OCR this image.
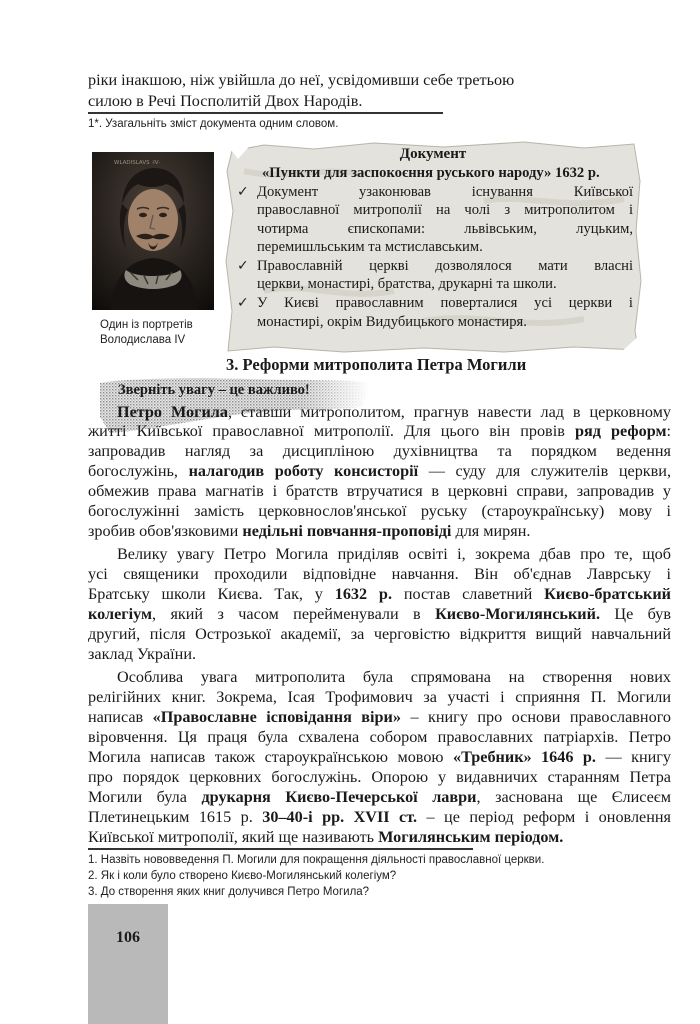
ріки інакшою, ніж увійшла до неї, усвідомивши себе третьою
силою в Речі Посполитій Двох Народів.
1*. Узагальніть зміст документа одним словом.
WLADISLAVS ·IV·
Один із портретів
Володислава IV
Документ
«Пункти для заспокоєння руського народу» 1632 р.
✓ Документ узаконював існування Київської
православної митрополії на чолі з митрополитом і
чотирма єпископами: львівським, луцьким,
перемишльським та мстиславським.
✓ Православній церкві дозволялося мати власні
церкви, монастирі, братства, друкарні та школи.
✓ У Києві православним поверталися усі церкви і
монастирі, окрім Видубицького монастиря.
3. Реформи митрополита Петра Могили
Зверніть увагу – це важливо!
Петро Могила, ставши митрополитом, прагнув навести лад в церковному
житті Київської православної митрополії. Для цього він провів ряд реформ:
запровадив нагляд за дисципліною духівництва та порядком ведення
богослужінь, налагодив роботу консисторії — суду для служителів церкви,
обмежив права магнатів і братств втручатися в церковні справи, запровадив у
богослужінні замість церковнослов'янської руську (староукраїнську) мову і
зробив обов'язковими недільні повчання-проповіді для мирян.
Велику увагу Петро Могила приділяв освіті і, зокрема дбав про те, щоб
усі священики проходили відповідне навчання. Він об'єднав Лаврську і
Братську школи Києва. Так, у 1632 р. постав славетний Києво-братський
колегіум, який з часом перейменували в Києво-Могилянський. Це був
другий, після Острозької академії, за черговістю відкриття вищий навчальний
заклад України.
Особлива увага митрополита була спрямована на створення нових
релігійних книг. Зокрема, Ісая Трофимович за участі і сприяння П. Могили
написав «Православне ісповідання віри» – книгу про основи православного
віровчення. Ця праця була схвалена собором православних патріархів. Петро
Могила написав також староукраїнською мовою «Требник» 1646 р. — книгу
про порядок церковних богослужінь. Опорою у видавничих старанням Петра
Могили була друкарня Києво-Печерської лаври, заснована ще Єлисеєм
Плетинецьким 1615 р. 30–40-і рр. XVII ст. – це період реформ і оновлення
Київської митрополії, який ще називають Могилянським періодом.
1. Назвіть нововведення П. Могили для покращення діяльності православної церкви.
2. Як і коли було створено Києво-Могилянський колегіум?
3. До створення яких книг долучився Петро Могила?
106
